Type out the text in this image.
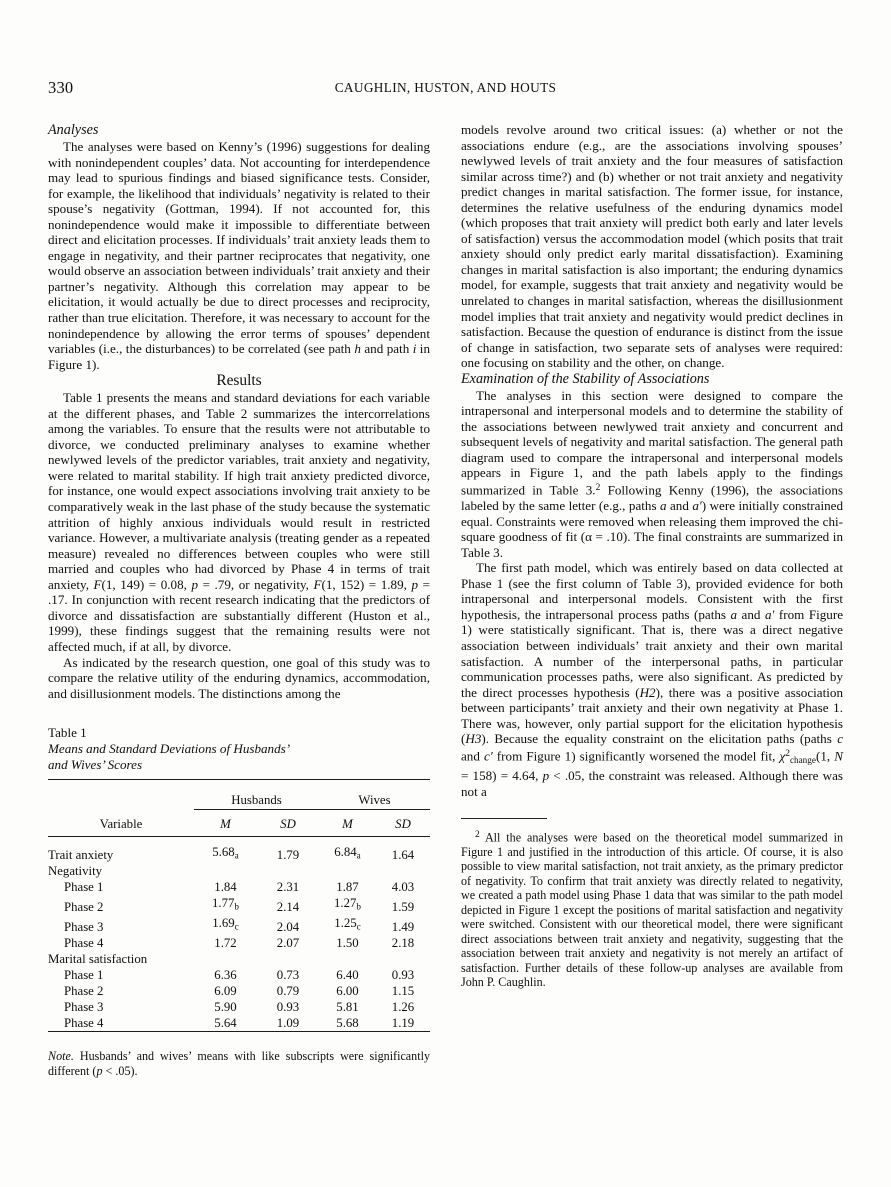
330	CAUGHLIN, HUSTON, AND HOUTS
Analyses

The analyses were based on Kenny’s (1996) suggestions for dealing with nonindependent couples’ data. Not accounting for interdependence may lead to spurious findings and biased significance tests. Consider, for example, the likelihood that individuals’ negativity is related to their spouse’s negativity (Gottman, 1994). If not accounted for, this nonindependence would make it impossible to differentiate between direct and elicitation processes. If individuals’ trait anxiety leads them to engage in negativity, and their partner reciprocates that negativity, one would observe an association between individuals’ trait anxiety and their partner’s negativity. Although this correlation may appear to be elicitation, it would actually be due to direct processes and reciprocity, rather than true elicitation. Therefore, it was necessary to account for the nonindependence by allowing the error terms of spouses’ dependent variables (i.e., the disturbances) to be correlated (see path h and path i in Figure 1).

Results

Table 1 presents the means and standard deviations for each variable at the different phases, and Table 2 summarizes the intercorrelations among the variables. To ensure that the results were not attributable to divorce, we conducted preliminary analyses to examine whether newlywed levels of the predictor variables, trait anxiety and negativity, were related to marital stability. If high trait anxiety predicted divorce, for instance, one would expect associations involving trait anxiety to be comparatively weak in the last phase of the study because the systematic attrition of highly anxious individuals would result in restricted variance. However, a multivariate analysis (treating gender as a repeated measure) revealed no differences between couples who were still married and couples who had divorced by Phase 4 in terms of trait anxiety, F(1, 149) = 0.08, p = .79, or negativity, F(1, 152) = 1.89, p = .17. In conjunction with recent research indicating that the predictors of divorce and dissatisfaction are substantially different (Huston et al., 1999), these findings suggest that the remaining results were not affected much, if at all, by divorce.

As indicated by the research question, one goal of this study was to compare the relative utility of the enduring dynamics, accommodation, and disillusionment models. The distinctions among the

Table 1
Means and Standard Deviations of Husbands’
and Wives’ Scores

	Husbands		Wives	
Variable	M	SD	M	SD

Trait anxiety	$5.68_a$	1.79	$6.84_a$	1.64
Negativity				
Phase 1	1.84	2.31	1.87	4.03
Phase 2	$1.77_b$	2.14	$1.27_b$	1.59
Phase 3	$1.69_c$	2.04	$1.25_c$	1.49
Phase 4	1.72	2.07	1.50	2.18
Marital satisfaction				
Phase 1	6.36	0.73	6.40	0.93
Phase 2	6.09	0.79	6.00	1.15
Phase 3	5.90	0.93	5.81	1.26
Phase 4	5.64	1.09	5.68	1.19

Note. Husbands’ and wives’ means with like subscripts were significantly different (p < .05).

models revolve around two critical issues: (a) whether or not the associations endure (e.g., are the associations involving spouses’ newlywed levels of trait anxiety and the four measures of satisfaction similar across time?) and (b) whether or not trait anxiety and negativity predict changes in marital satisfaction. The former issue, for instance, determines the relative usefulness of the enduring dynamics model (which proposes that trait anxiety will predict both early and later levels of satisfaction) versus the accommodation model (which posits that trait anxiety should only predict early marital dissatisfaction). Examining changes in marital satisfaction is also important; the enduring dynamics model, for example, suggests that trait anxiety and negativity would be unrelated to changes in marital satisfaction, whereas the disillusionment model implies that trait anxiety and negativity would predict declines in satisfaction. Because the question of endurance is distinct from the issue of change in satisfaction, two separate sets of analyses were required: one focusing on stability and the other, on change.

Examination of the Stability of Associations

The analyses in this section were designed to compare the intrapersonal and interpersonal models and to determine the stability of the associations between newlywed trait anxiety and concurrent and subsequent levels of negativity and marital satisfaction. The general path diagram used to compare the intrapersonal and interpersonal models appears in Figure 1, and the path labels apply to the findings summarized in Table 3.$^2$ Following Kenny (1996), the associations labeled by the same letter (e.g., paths a and a′) were initially constrained equal. Constraints were removed when releasing them improved the chi-square goodness of fit (α = .10). The final constraints are summarized in Table 3.

The first path model, which was entirely based on data collected at Phase 1 (see the first column of Table 3), provided evidence for both intrapersonal and interpersonal models. Consistent with the first hypothesis, the intrapersonal process paths (paths a and a′ from Figure 1) were statistically significant. That is, there was a direct negative association between individuals’ trait anxiety and their own marital satisfaction. A number of the interpersonal paths, in particular communication processes paths, were also significant. As predicted by the direct processes hypothesis (H2), there was a positive association between participants’ trait anxiety and their own negativity at Phase 1. There was, however, only partial support for the elicitation hypothesis (H3). Because the equality constraint on the elicitation paths (paths c and c′ from Figure 1) significantly worsened the model fit, $\chi^2_{change}(1$, N = 158) = 4.64, p < .05, the constraint was released. Although there was not a

$^2$ All the analyses were based on the theoretical model summarized in Figure 1 and justified in the introduction of this article. Of course, it is also possible to view marital satisfaction, not trait anxiety, as the primary predictor of negativity. To confirm that trait anxiety was directly related to negativity, we created a path model using Phase 1 data that was similar to the path model depicted in Figure 1 except the positions of marital satisfaction and negativity were switched. Consistent with our theoretical model, there were significant direct associations between trait anxiety and negativity, suggesting that the association between trait anxiety and negativity is not merely an artifact of satisfaction. Further details of these follow-up analyses are available from John P. Caughlin.
